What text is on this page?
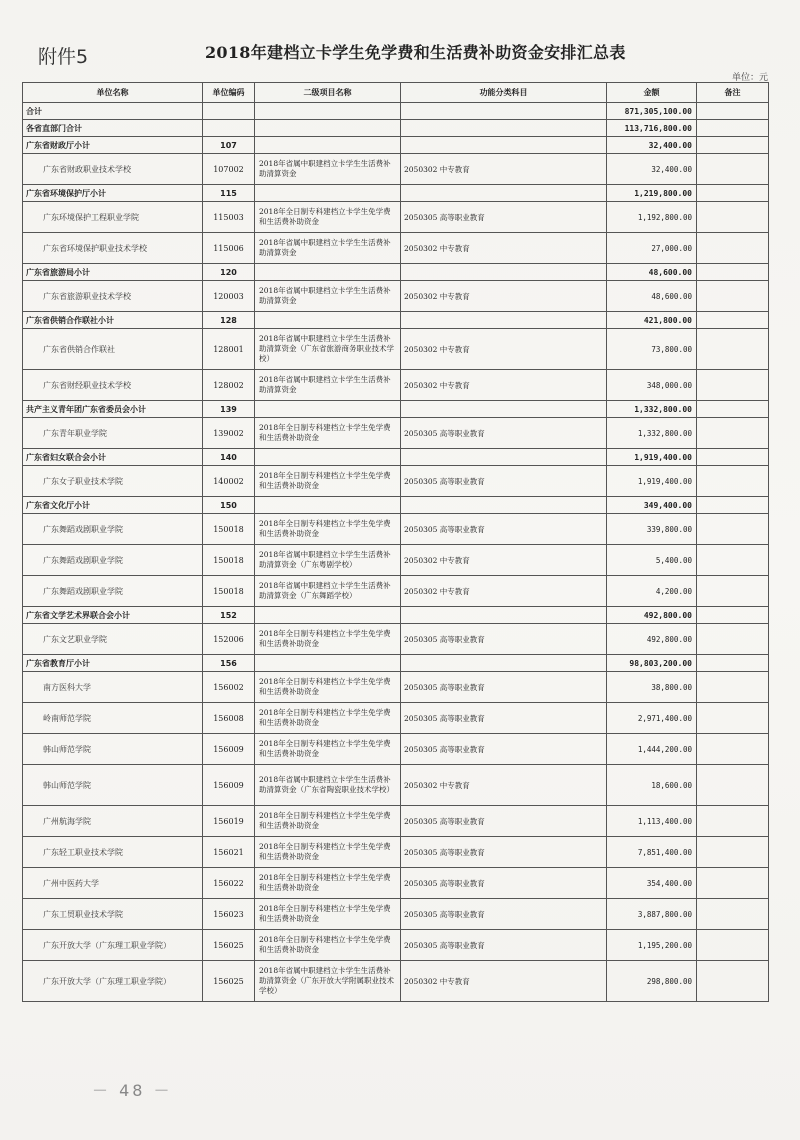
附件5	2018年建档立卡学生免学费和生活费补助资金安排汇总表
单位：元
单位名称	单位编码	二级项目名称	功能分类科目	金额	备注
合计				871,305,100.00	
各省直部门合计				113,716,800.00	
广东省财政厅小计	107			32,400.00	
广东省财政职业技术学校	107002	2018年省属中职建档立卡学生生活费补助清算资金	2050302 中专教育	32,400.00	
广东省环境保护厅小计	115			1,219,800.00	
广东环境保护工程职业学院	115003	2018年全日制专科建档立卡学生免学费和生活费补助资金	2050305 高等职业教育	1,192,800.00	
广东省环境保护职业技术学校	115006	2018年省属中职建档立卡学生生活费补助清算资金	2050302 中专教育	27,000.00	
广东省旅游局小计	120			48,600.00	
广东省旅游职业技术学校	120003	2018年省属中职建档立卡学生生活费补助清算资金	2050302 中专教育	48,600.00	
广东省供销合作联社小计	128			421,800.00	
广东省供销合作联社	128001	2018年省属中职建档立卡学生生活费补助清算资金（广东省旅游商务职业技术学校）	2050302 中专教育	73,800.00	
广东省财经职业技术学校	128002	2018年省属中职建档立卡学生生活费补助清算资金	2050302 中专教育	348,000.00	
共产主义青年团广东省委员会小计	139			1,332,800.00	
广东青年职业学院	139002	2018年全日制专科建档立卡学生免学费和生活费补助资金	2050305 高等职业教育	1,332,800.00	
广东省妇女联合会小计	140			1,919,400.00	
广东女子职业技术学院	140002	2018年全日制专科建档立卡学生免学费和生活费补助资金	2050305 高等职业教育	1,919,400.00	
广东省文化厅小计	150			349,400.00	
广东舞蹈戏剧职业学院	150018	2018年全日制专科建档立卡学生免学费和生活费补助资金	2050305 高等职业教育	339,800.00	
广东舞蹈戏剧职业学院	150018	2018年省属中职建档立卡学生生活费补助清算资金（广东粤剧学校）	2050302 中专教育	5,400.00	
广东舞蹈戏剧职业学院	150018	2018年省属中职建档立卡学生生活费补助清算资金（广东舞蹈学校）	2050302 中专教育	4,200.00	
广东省文学艺术界联合会小计	152			492,800.00	
广东文艺职业学院	152006	2018年全日制专科建档立卡学生免学费和生活费补助资金	2050305 高等职业教育	492,800.00	
广东省教育厅小计	156			98,803,200.00	
南方医科大学	156002	2018年全日制专科建档立卡学生免学费和生活费补助资金	2050305 高等职业教育	38,800.00	
岭南师范学院	156008	2018年全日制专科建档立卡学生免学费和生活费补助资金	2050305 高等职业教育	2,971,400.00	
韩山师范学院	156009	2018年全日制专科建档立卡学生免学费和生活费补助资金	2050305 高等职业教育	1,444,200.00	
韩山师范学院	156009	2018年省属中职建档立卡学生生活费补助清算资金（广东省陶瓷职业技术学校）	2050302 中专教育	18,600.00	
广州航海学院	156019	2018年全日制专科建档立卡学生免学费和生活费补助资金	2050305 高等职业教育	1,113,400.00	
广东轻工职业技术学院	156021	2018年全日制专科建档立卡学生免学费和生活费补助资金	2050305 高等职业教育	7,851,400.00	
广州中医药大学	156022	2018年全日制专科建档立卡学生免学费和生活费补助资金	2050305 高等职业教育	354,400.00	
广东工贸职业技术学院	156023	2018年全日制专科建档立卡学生免学费和生活费补助资金	2050305 高等职业教育	3,887,800.00	
广东开放大学（广东理工职业学院）	156025	2018年全日制专科建档立卡学生免学费和生活费补助资金	2050305 高等职业教育	1,195,200.00	
广东开放大学（广东理工职业学院）	156025	2018年省属中职建档立卡学生生活费补助清算资金（广东开放大学附属职业技术学校）	2050302 中专教育	298,800.00	
－ 48 －
